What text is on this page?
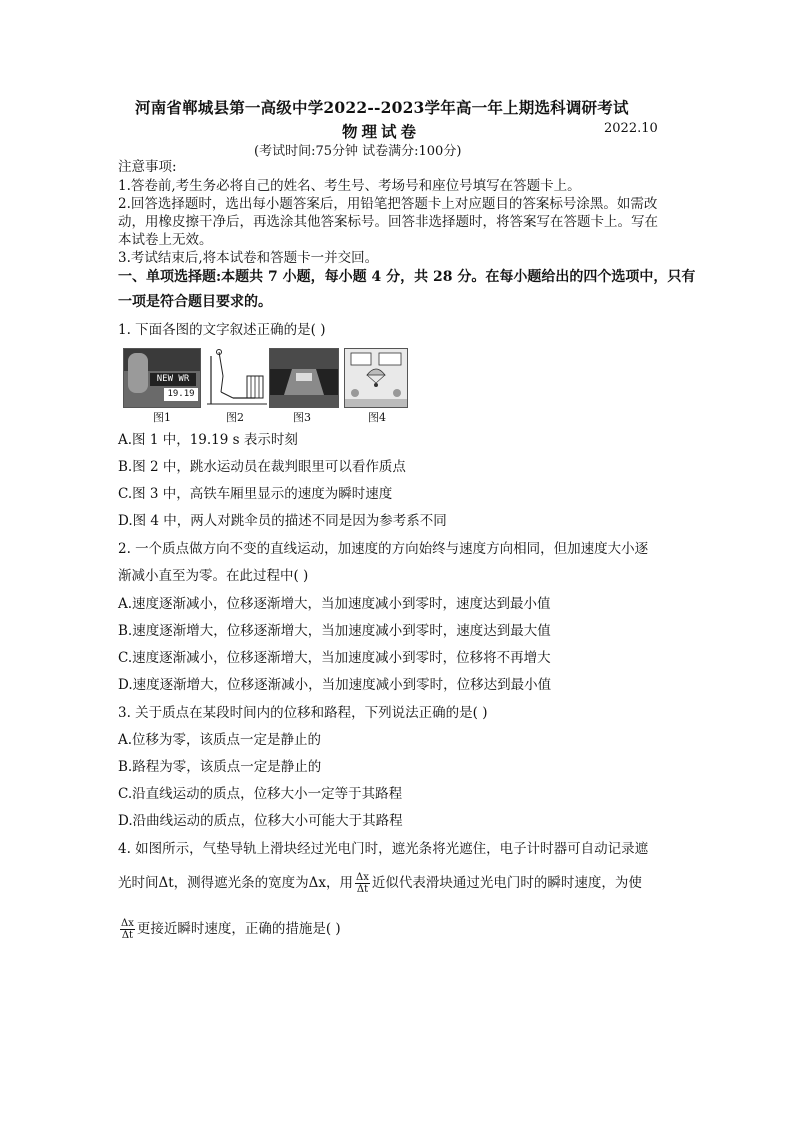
河南省郸城县第一高级中学2022--2023学年高一年上期选科调研考试
物理试卷	2022.10
(考试时间:75分钟 试卷满分:100分)
注意事项:
1.答卷前,考生务必将自己的姓名、考生号、考场号和座位号填写在答题卡上。
2.回答选择题时，选出每小题答案后，用铅笔把答题卡上对应题目的答案标号涂黑。如需改
动，用橡皮擦干净后，再选涂其他答案标号。回答非选择题时，将答案写在答题卡上。写在
本试卷上无效。
3.考试结束后,将本试卷和答题卡一并交回。
一、单项选择题:本题共 7 小题，每小题 4 分，共 28 分。在每小题给出的四个选项中，只有
一项是符合题目要求的。
1. 下面各图的文字叙述正确的是( )
NEW WR
19.19
图1	图2	图3	图4
A.图 1 中，19.19 s 表示时刻
B.图 2 中，跳水运动员在裁判眼里可以看作质点
C.图 3 中，高铁车厢里显示的速度为瞬时速度
D.图 4 中，两人对跳伞员的描述不同是因为参考系不同
2. 一个质点做方向不变的直线运动，加速度的方向始终与速度方向相同，但加速度大小逐
渐减小直至为零。在此过程中( )
A.速度逐渐减小，位移逐渐增大，当加速度减小到零时，速度达到最小值
B.速度逐渐增大，位移逐渐增大，当加速度减小到零时，速度达到最大值
C.速度逐渐减小，位移逐渐增大，当加速度减小到零时，位移将不再增大
D.速度逐渐增大，位移逐渐减小，当加速度减小到零时，位移达到最小值
3. 关于质点在某段时间内的位移和路程，下列说法正确的是( )
A.位移为零，该质点一定是静止的
B.路程为零，该质点一定是静止的
C.沿直线运动的质点，位移大小一定等于其路程
D.沿曲线运动的质点，位移大小可能大于其路程
4. 如图所示，气垫导轨上滑块经过光电门时，遮光条将光遮住，电子计时器可自动记录遮
光时间Δt，测得遮光条的宽度为Δx，用 $\frac{\Delta x}{\Delta t}$ 近似代表滑块通过光电门时的瞬时速度，为使
$\frac{\Delta x}{\Delta t}$ 更接近瞬时速度，正确的措施是( )
